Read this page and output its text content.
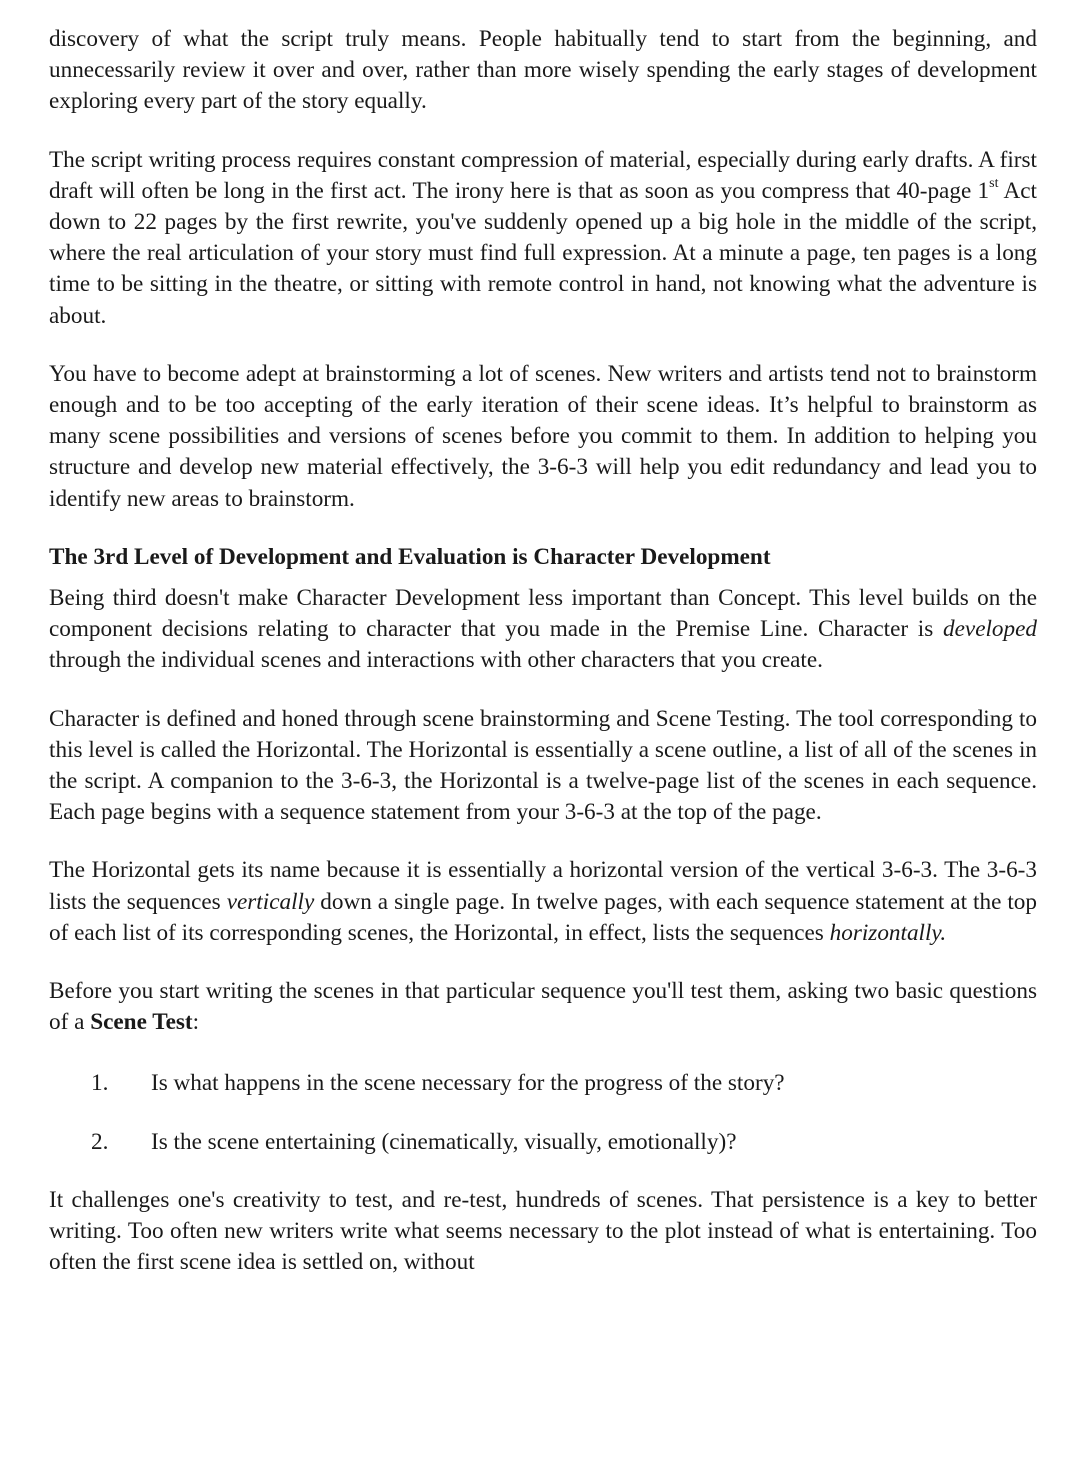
discovery of what the script truly means. People habitually tend to start from the beginning, and unnecessarily review it over and over, rather than more wisely spending the early stages of development exploring every part of the story equally.

The script writing process requires constant compression of material, especially during early drafts. A first draft will often be long in the first act. The irony here is that as soon as you compress that 40-page 1st Act down to 22 pages by the first rewrite, you've suddenly opened up a big hole in the middle of the script, where the real articulation of your story must find full expression. At a minute a page, ten pages is a long time to be sitting in the theatre, or sitting with remote control in hand, not knowing what the adventure is about.

You have to become adept at brainstorming a lot of scenes. New writers and artists tend not to brainstorm enough and to be too accepting of the early iteration of their scene ideas. It’s helpful to brainstorm as many scene possibilities and versions of scenes before you commit to them. In addition to helping you structure and develop new material effectively, the 3-6-3 will help you edit redundancy and lead you to identify new areas to brainstorm.

The 3rd Level of Development and Evaluation is Character Development

Being third doesn't make Character Development less important than Concept. This level builds on the component decisions relating to character that you made in the Premise Line. Character is developed through the individual scenes and interactions with other characters that you create.

Character is defined and honed through scene brainstorming and Scene Testing. The tool corresponding to this level is called the Horizontal. The Horizontal is essentially a scene outline, a list of all of the scenes in the script. A companion to the 3-6-3, the Horizontal is a twelve-page list of the scenes in each sequence. Each page begins with a sequence statement from your 3-6-3 at the top of the page.

The Horizontal gets its name because it is essentially a horizontal version of the vertical 3-6-3. The 3-6-3 lists the sequences vertically down a single page. In twelve pages, with each sequence statement at the top of each list of its corresponding scenes, the Horizontal, in effect, lists the sequences horizontally.

Before you start writing the scenes in that particular sequence you'll test them, asking two basic questions of a Scene Test:

1.	Is what happens in the scene necessary for the progress of the story?
2.	Is the scene entertaining (cinematically, visually, emotionally)?

It challenges one's creativity to test, and re-test, hundreds of scenes. That persistence is a key to better writing. Too often new writers write what seems necessary to the plot instead of what is entertaining. Too often the first scene idea is settled on, without
